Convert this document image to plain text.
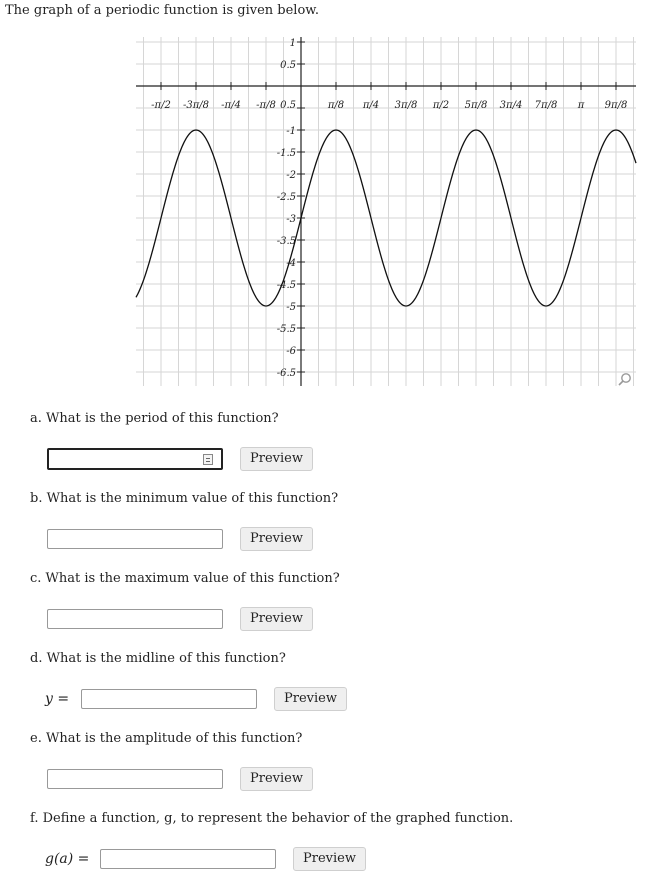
The graph of a periodic function is given below.
-π/2 -3π/8 -π/4 -π/8	π/8 π/4 3π/8 π/2 5π/8 3π/4 7π/8 π 9π/8
1
0.5
0.5
-1
-1.5
-2
-2.5
-3
-3.5
-4
-4.5
-5
-5.5
-6
-6.5
a. What is the period of this function?
Preview
b. What is the minimum value of this function?
Preview
c. What is the maximum value of this function?
Preview
d. What is the midline of this function?
y =	Preview
e. What is the amplitude of this function?
Preview
f. Define a function, g, to represent the behavior of the graphed function.
g(a) =	Preview
